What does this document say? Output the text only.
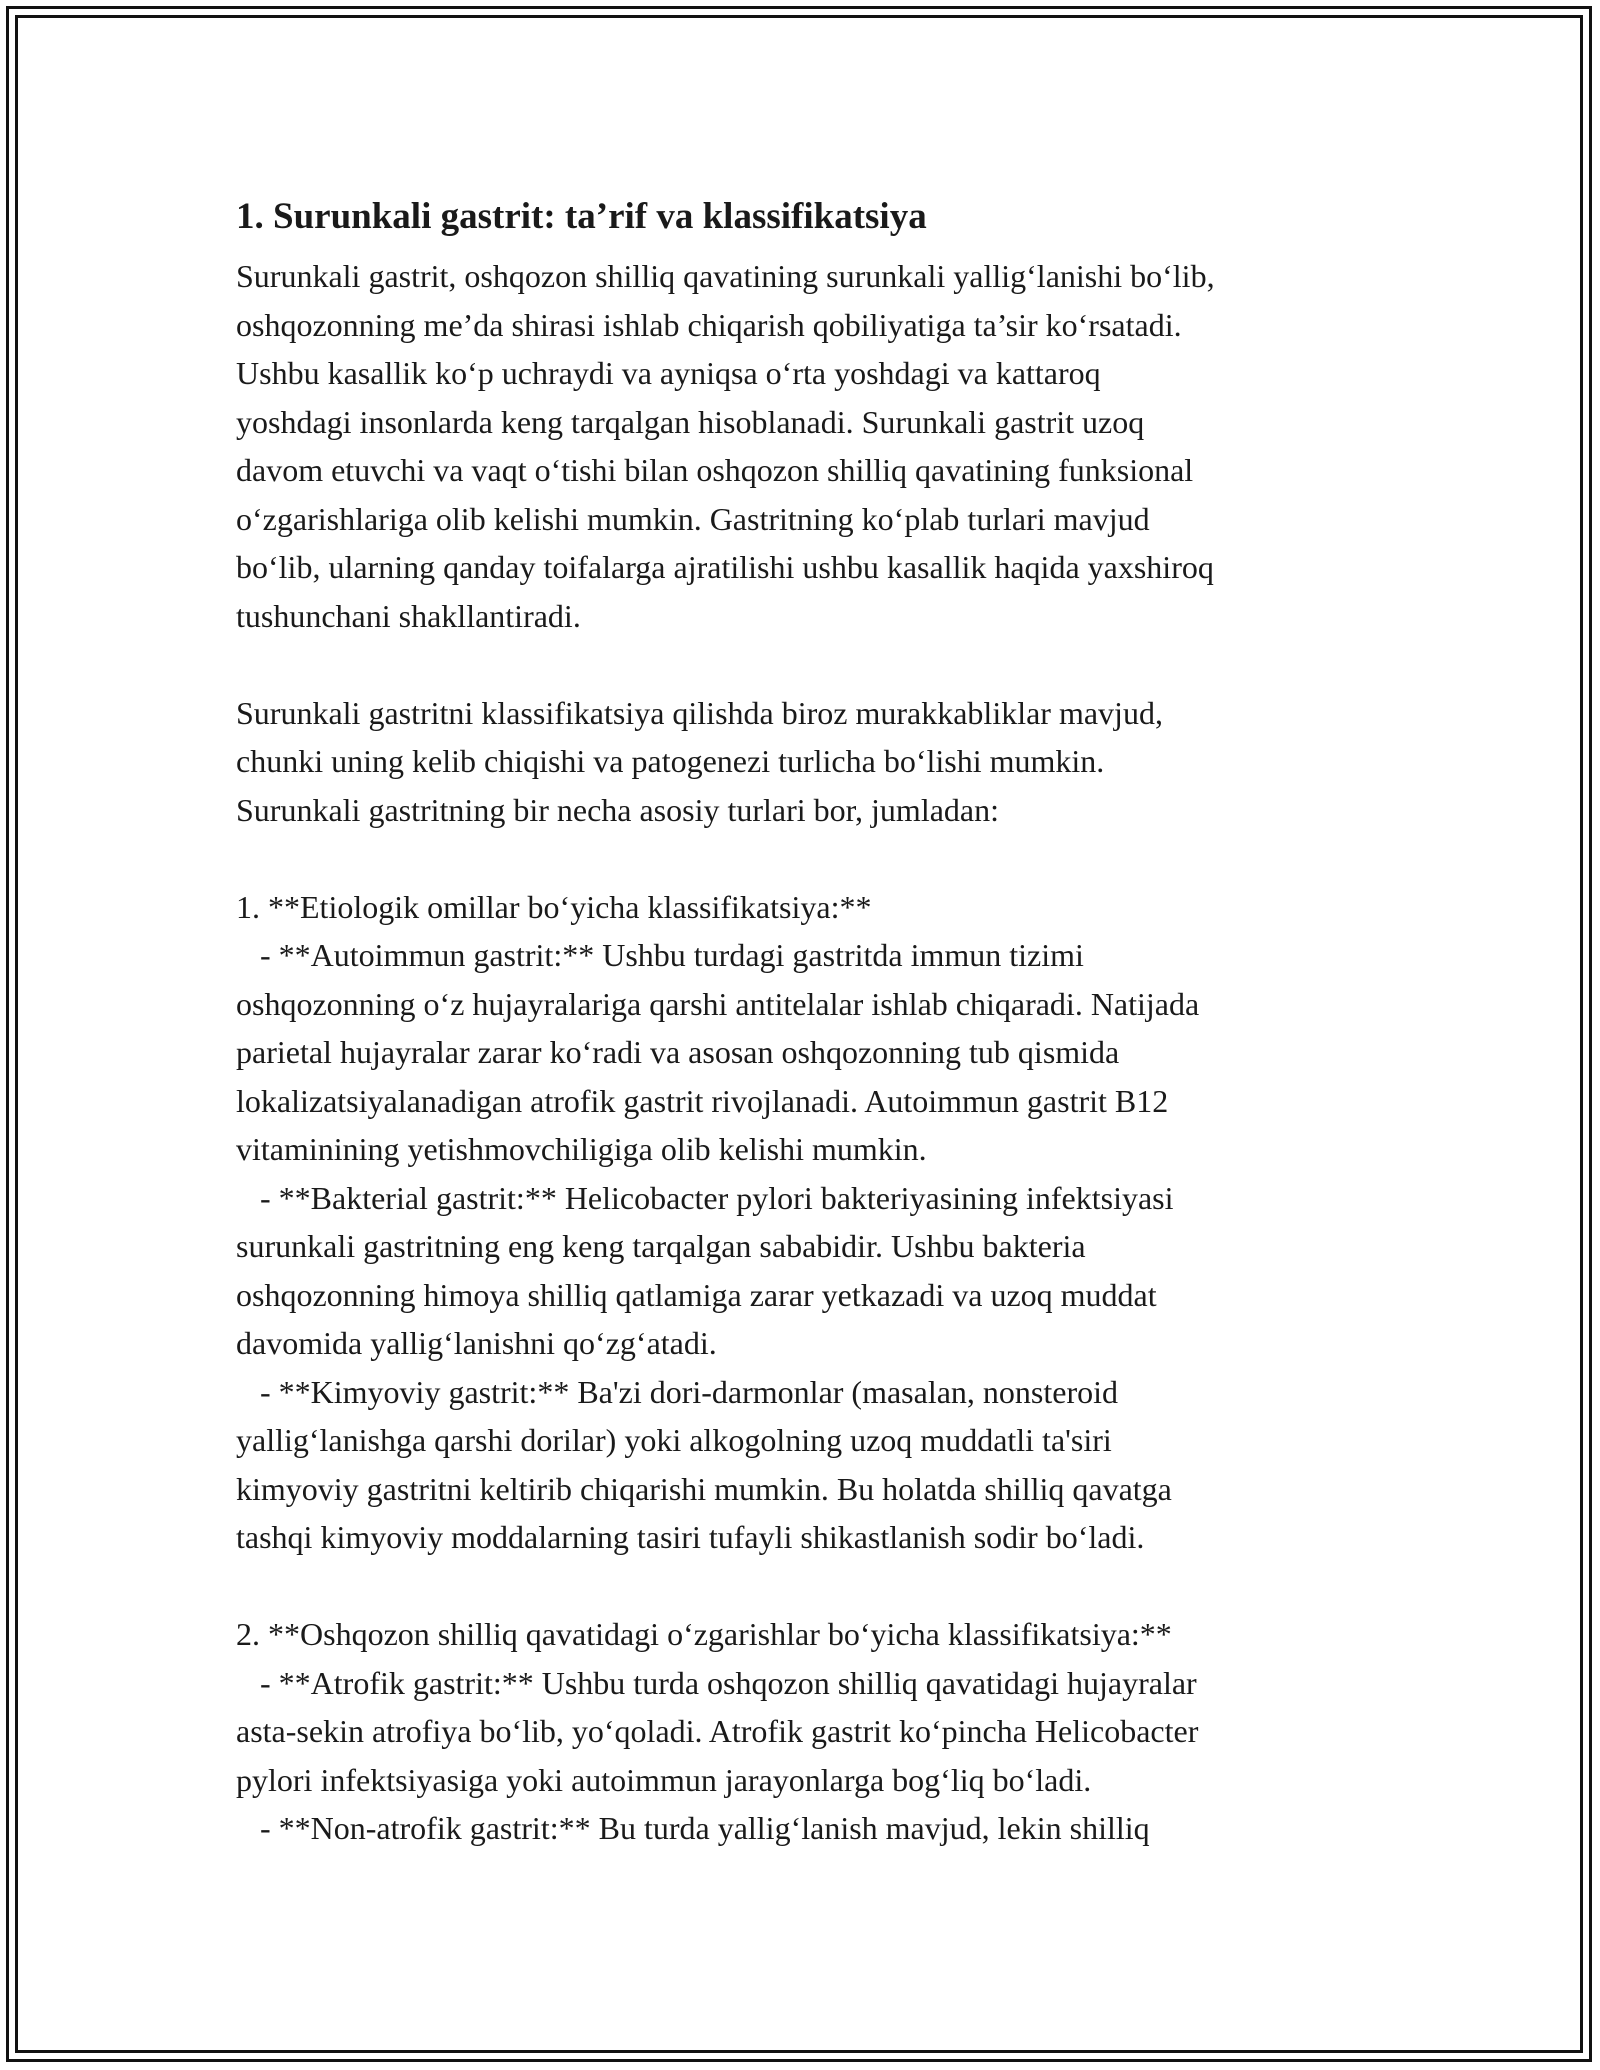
1. Surunkali gastrit: ta’rif va klassifikatsiya
Surunkali gastrit, oshqozon shilliq qavatining surunkali yallig‘lanishi bo‘lib,
oshqozonning me’da shirasi ishlab chiqarish qobiliyatiga ta’sir ko‘rsatadi.
Ushbu kasallik ko‘p uchraydi va ayniqsa o‘rta yoshdagi va kattaroq
yoshdagi insonlarda keng tarqalgan hisoblanadi. Surunkali gastrit uzoq
davom etuvchi va vaqt o‘tishi bilan oshqozon shilliq qavatining funksional
o‘zgarishlariga olib kelishi mumkin. Gastritning ko‘plab turlari mavjud
bo‘lib, ularning qanday toifalarga ajratilishi ushbu kasallik haqida yaxshiroq
tushunchani shakllantiradi.
Surunkali gastritni klassifikatsiya qilishda biroz murakkabliklar mavjud,
chunki uning kelib chiqishi va patogenezi turlicha bo‘lishi mumkin.
Surunkali gastritning bir necha asosiy turlari bor, jumladan:
1. **Etiologik omillar bo‘yicha klassifikatsiya:**
- **Autoimmun gastrit:** Ushbu turdagi gastritda immun tizimi
oshqozonning o‘z hujayralariga qarshi antitelalar ishlab chiqaradi. Natijada
parietal hujayralar zarar ko‘radi va asosan oshqozonning tub qismida
lokalizatsiyalanadigan atrofik gastrit rivojlanadi. Autoimmun gastrit B12
vitaminining yetishmovchiligiga olib kelishi mumkin.
- **Bakterial gastrit:** Helicobacter pylori bakteriyasining infektsiyasi
surunkali gastritning eng keng tarqalgan sababidir. Ushbu bakteria
oshqozonning himoya shilliq qatlamiga zarar yetkazadi va uzoq muddat
davomida yallig‘lanishni qo‘zg‘atadi.
- **Kimyoviy gastrit:** Ba'zi dori-darmonlar (masalan, nonsteroid
yallig‘lanishga qarshi dorilar) yoki alkogolning uzoq muddatli ta'siri
kimyoviy gastritni keltirib chiqarishi mumkin. Bu holatda shilliq qavatga
tashqi kimyoviy moddalarning tasiri tufayli shikastlanish sodir bo‘ladi.
2. **Oshqozon shilliq qavatidagi o‘zgarishlar bo‘yicha klassifikatsiya:**
- **Atrofik gastrit:** Ushbu turda oshqozon shilliq qavatidagi hujayralar
asta-sekin atrofiya bo‘lib, yo‘qoladi. Atrofik gastrit ko‘pincha Helicobacter
pylori infektsiyasiga yoki autoimmun jarayonlarga bog‘liq bo‘ladi.
- **Non-atrofik gastrit:** Bu turda yallig‘lanish mavjud, lekin shilliq
